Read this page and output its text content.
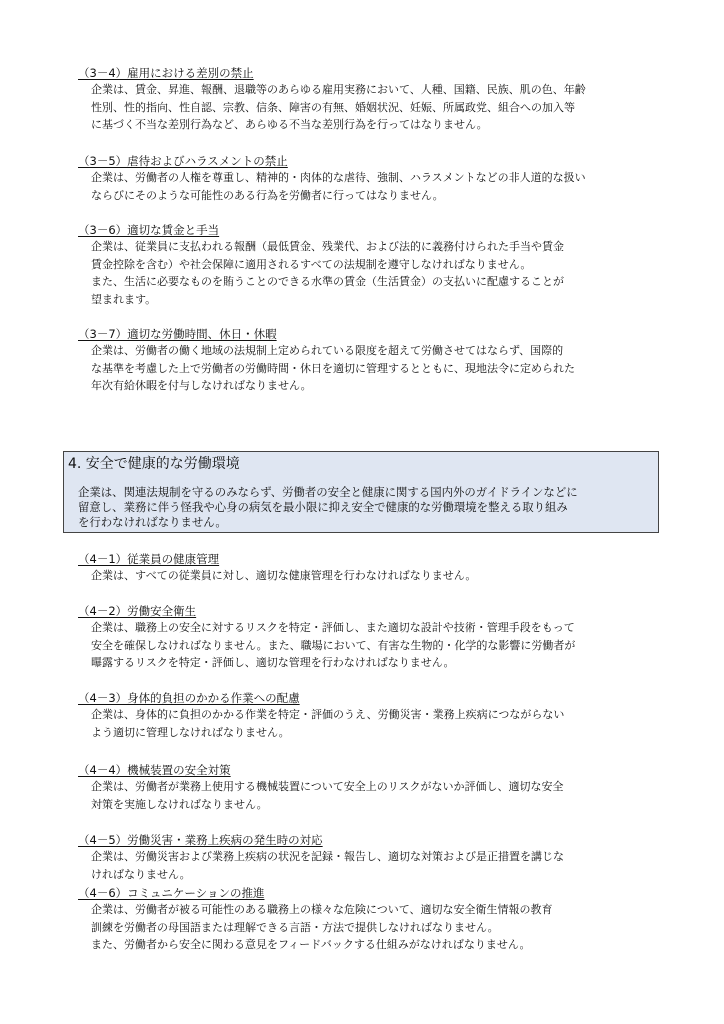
（3－4）雇用における差別の禁止

企業は、賃金、昇進、報酬、退職等のあらゆる雇用実務において、人種、国籍、民族、肌の色、年齢
性別、性的指向、性自認、宗教、信条、障害の有無、婚姻状況、妊娠、所属政党、組合への加入等
に基づく不当な差別行為など、あらゆる不当な差別行為を行ってはなりません。

（3－5）虐待およびハラスメントの禁止

企業は、労働者の人権を尊重し、精神的・肉体的な虐待、強制、ハラスメントなどの非人道的な扱い
ならびにそのような可能性のある行為を労働者に行ってはなりません。

（3－6）適切な賃金と手当

企業は、従業員に支払われる報酬（最低賃金、残業代、および法的に義務付けられた手当や賃金
賃金控除を含む）や社会保障に適用されるすべての法規制を遵守しなければなりません。
また、生活に必要なものを賄うことのできる水準の賃金（生活賃金）の支払いに配慮することが
望まれます。

（3－7）適切な労働時間、休日・休暇

企業は、労働者の働く地域の法規制上定められている限度を超えて労働させてはならず、国際的
な基準を考慮した上で労働者の労働時間・休日を適切に管理するとともに、現地法令に定められた
年次有給休暇を付与しなければなりません。
4. 安全で健康的な労働環境
企業は、関連法規制を守るのみならず、労働者の安全と健康に関する国内外のガイドラインなどに
留意し、業務に伴う怪我や心身の病気を最小限に抑え安全で健康的な労働環境を整える取り組み
を行わなければなりません。

（4－1）従業員の健康管理

企業は、すべての従業員に対し、適切な健康管理を行わなければなりません。

（4－2）労働安全衛生

企業は、職務上の安全に対するリスクを特定・評価し、また適切な設計や技術・管理手段をもって
安全を確保しなければなりません。また、職場において、有害な生物的・化学的な影響に労働者が
曝露するリスクを特定・評価し、適切な管理を行わなければなりません。

（4－3）身体的負担のかかる作業への配慮

企業は、身体的に負担のかかる作業を特定・評価のうえ、労働災害・業務上疾病につながらない
よう適切に管理しなければなりません。

（4－4）機械装置の安全対策

企業は、労働者が業務上使用する機械装置について安全上のリスクがないか評価し、適切な安全
対策を実施しなければなりません。

（4－5）労働災害・業務上疾病の発生時の対応

企業は、労働災害および業務上疾病の状況を記録・報告し、適切な対策および是正措置を講じな
ければなりません。

（4－6）コミュニケーションの推進

企業は、労働者が被る可能性のある職務上の様々な危険について、適切な安全衛生情報の教育
訓練を労働者の母国語または理解できる言語・方法で提供しなければなりません。
また、労働者から安全に関わる意見をフィードバックする仕組みがなければなりません。
